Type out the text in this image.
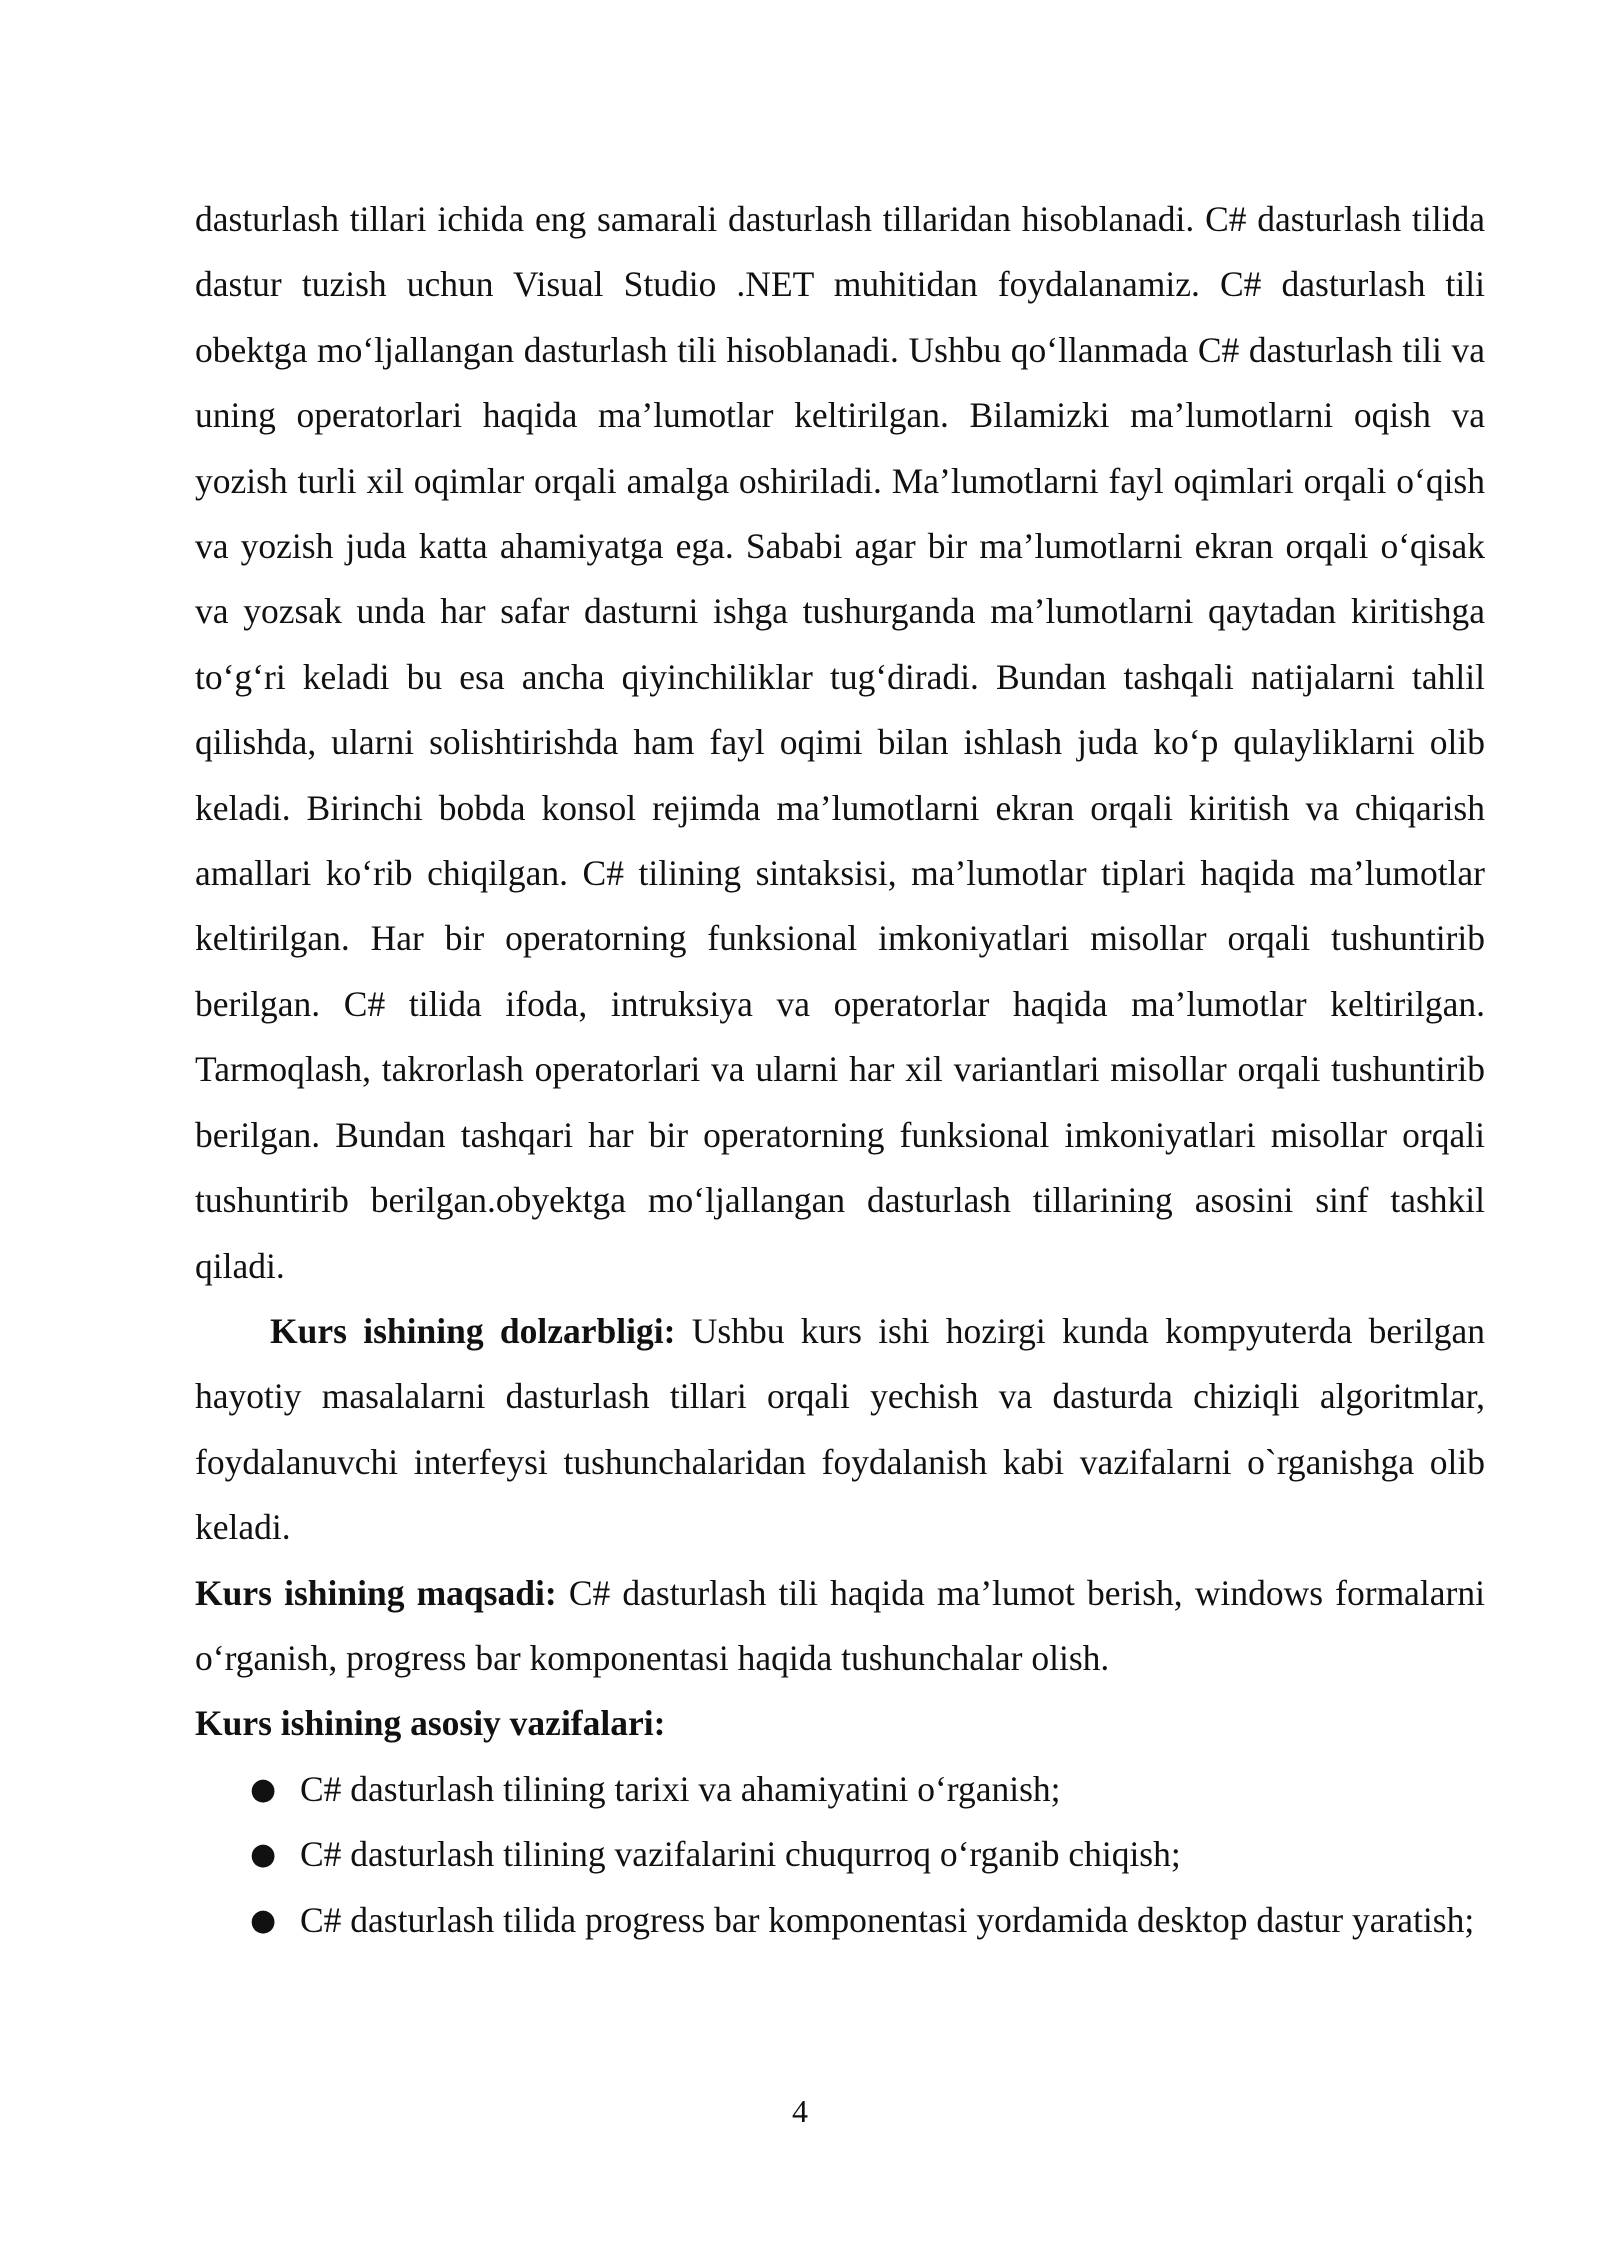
dasturlash tillari ichida eng samarali dasturlash tillaridan hisoblanadi. C# dasturlash tilida dastur tuzish uchun Visual Studio .NET muhitidan foydalanamiz. C# dasturlash tili obektga mo‘ljallangan dasturlash tili hisoblanadi. Ushbu qo‘llanmada C# dasturlash tili va uning operatorlari haqida ma’lumotlar keltirilgan. Bilamizki ma’lumotlarni oqish va yozish turli xil oqimlar orqali amalga oshiriladi. Ma’lumotlarni fayl oqimlari orqali o‘qish va yozish juda katta ahamiyatga ega. Sababi agar bir ma’lumotlarni ekran orqali o‘qisak va yozsak unda har safar dasturni ishga tushurganda ma’lumotlarni qaytadan kiritishga to‘g‘ri keladi bu esa ancha qiyinchiliklar tug‘diradi. Bundan tashqali natijalarni tahlil qilishda, ularni solishtirishda ham fayl oqimi bilan ishlash juda ko‘p qulayliklarni olib keladi. Birinchi bobda konsol rejimda ma’lumotlarni ekran orqali kiritish va chiqarish amallari ko‘rib chiqilgan. C# tilining sintaksisi, ma’lumotlar tiplari haqida ma’lumotlar keltirilgan. Har bir operatorning funksional imkoniyatlari misollar orqali tushuntirib berilgan. C# tilida ifoda, intruksiya va operatorlar haqida ma’lumotlar keltirilgan. Tarmoqlash, takrorlash operatorlari va ularni har xil variantlari misollar orqali tushuntirib berilgan. Bundan tashqari har bir operatorning funksional imkoniyatlari misollar orqali tushuntirib berilgan.obyektga mo‘ljallangan dasturlash tillarining asosini sinf tashkil qiladi.

Kurs ishining dolzarbligi: Ushbu kurs ishi hozirgi kunda kompyuterda berilgan hayotiy masalalarni dasturlash tillari orqali yechish va dasturda chiziqli algoritmlar, foydalanuvchi interfeysi tushunchalaridan foydalanish kabi vazifalarni o`rganishga olib keladi.

Kurs ishining maqsadi: C# dasturlash tili haqida ma’lumot berish, windows formalarni o‘rganish, progress bar komponentasi haqida tushunchalar olish.

Kurs ishining asosiy vazifalari:

● C# dasturlash tilining tarixi va ahamiyatini o‘rganish;
● C# dasturlash tilining vazifalarini chuqurroq o‘rganib chiqish;
● C# dasturlash tilida progress bar komponentasi yordamida desktop dastur yaratish;
4
